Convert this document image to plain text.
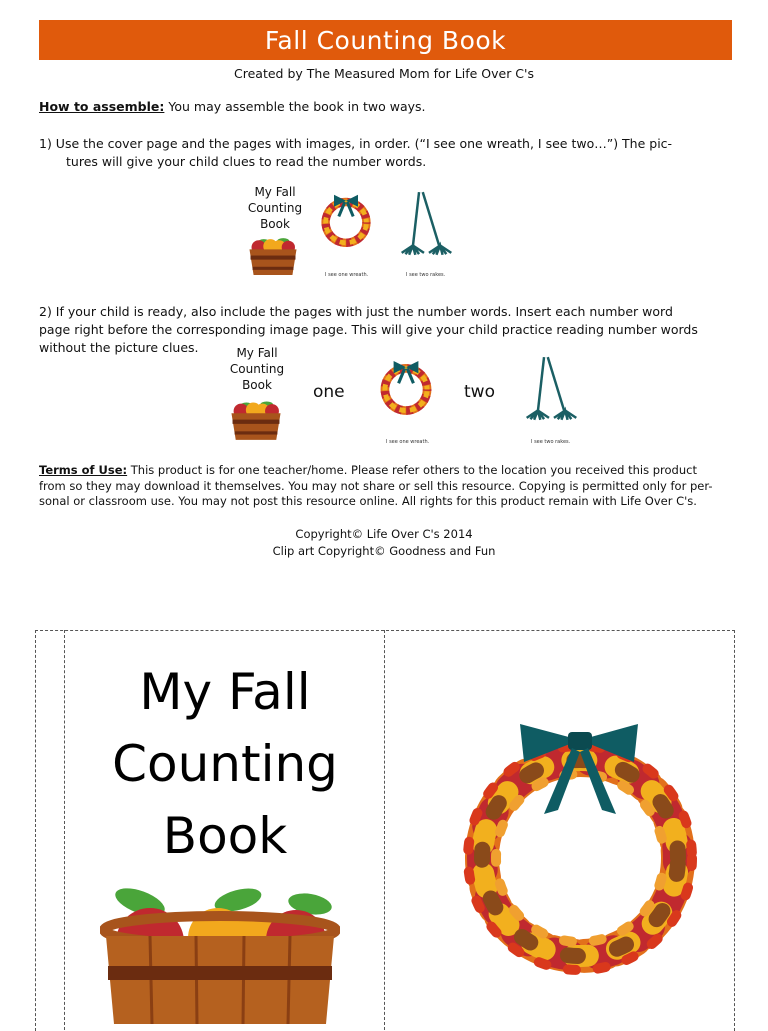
Fall Counting Book
Created by The Measured Mom for Life Over C's
How to assemble: You may assemble the book in two ways.
1) Use the cover page and the pages with images, in order. (“I see one wreath, I see two…”) The pic-
tures will give your child clues to read the number words.
My Fall Counting Book
I see one wreath.	I see two rakes.
2) If your child is ready, also include the pages with just the number words. Insert each number word
page right before the corresponding image page. This will give your child practice reading number words
without the picture clues.	My Fall Counting Book	one
I see one wreath.
two
I see two rakes.
Terms of Use: This product is for one teacher/home. Please refer others to the location you received this product
from so they may download it themselves. You may not share or sell this resource. Copying is permitted only for per-
sonal or classroom use. You may not post this resource online. All rights for this product remain with Life Over C's.
Copyright© Life Over C's 2014
Clip art Copyright© Goodness and Fun
My Fall
Counting
Book
